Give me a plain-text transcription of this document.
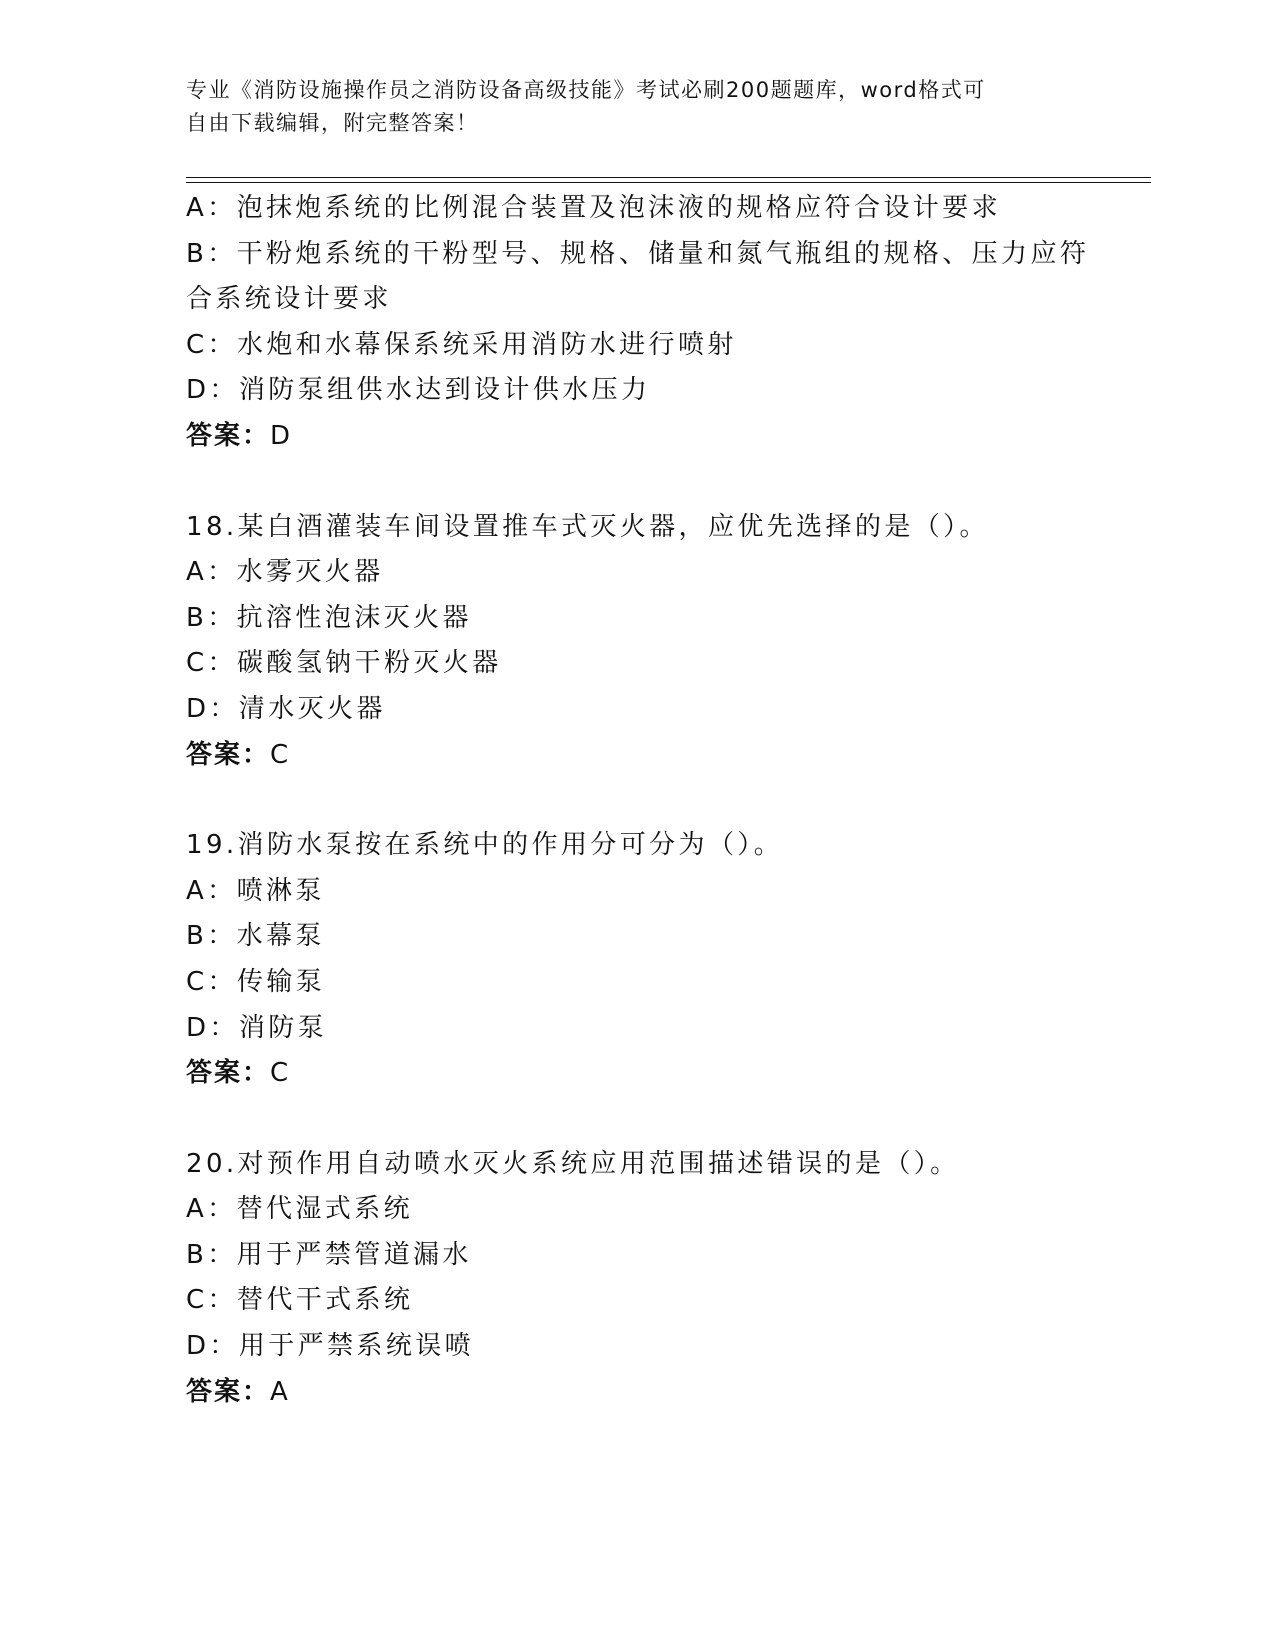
专业《消防设施操作员之消防设备高级技能》考试必刷200题题库，word格式可
自由下载编辑，附完整答案！
A：泡抹炮系统的比例混合装置及泡沫液的规格应符合设计要求
B：干粉炮系统的干粉型号、规格、储量和氮气瓶组的规格、压力应符
合系统设计要求
C：水炮和水幕保系统采用消防水进行喷射
D：消防泵组供水达到设计供水压力
答案：D
18.某白酒灌装车间设置推车式灭火器，应优先选择的是（）。
A：水雾灭火器
B：抗溶性泡沫灭火器
C：碳酸氢钠干粉灭火器
D：清水灭火器
答案：C
19.消防水泵按在系统中的作用分可分为（）。
A：喷淋泵
B：水幕泵
C：传输泵
D：消防泵
答案：C
20.对预作用自动喷水灭火系统应用范围描述错误的是（）。
A：替代湿式系统
B：用于严禁管道漏水
C：替代干式系统
D：用于严禁系统误喷
答案：A
